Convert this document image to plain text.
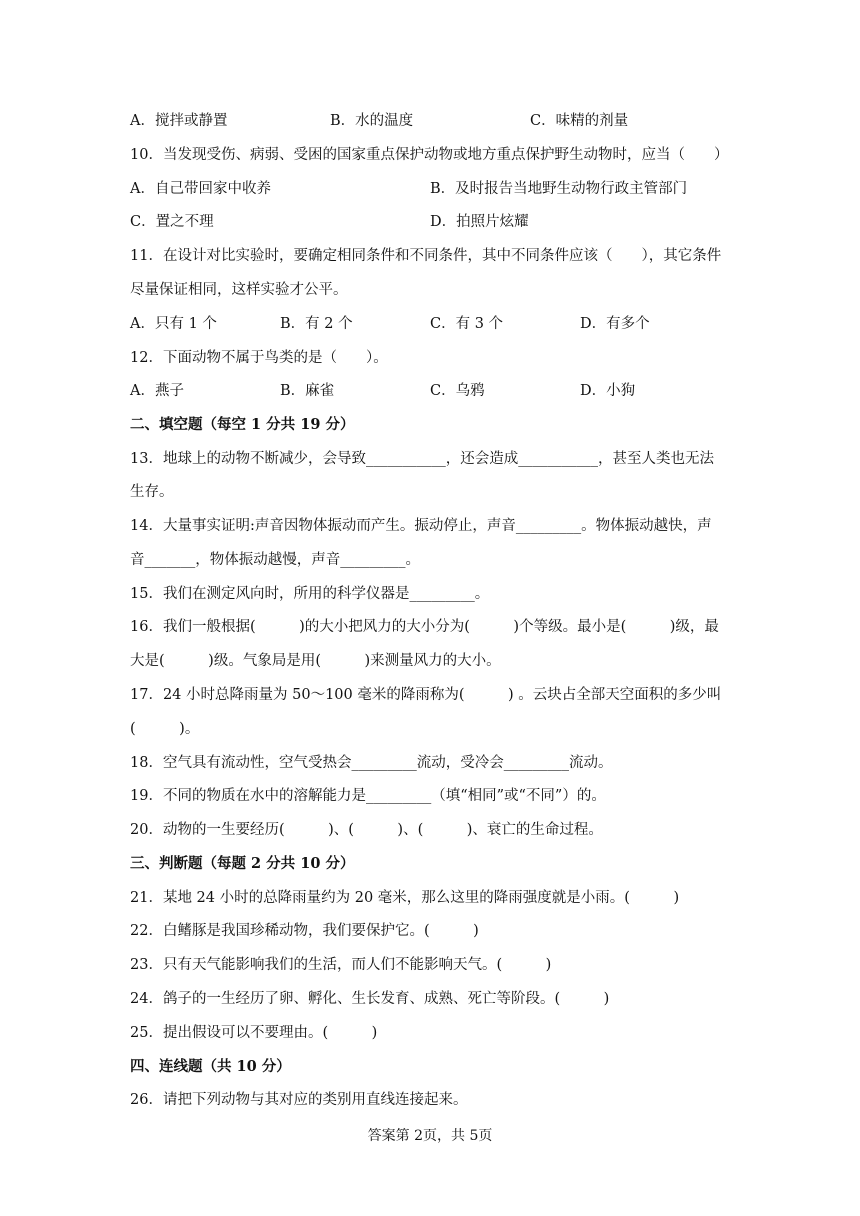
A．搅拌或静置	B．水的温度	C．味精的剂量
10．当发现受伤、病弱、受困的国家重点保护动物或地方重点保护野生动物时，应当（　　）
A．自己带回家中收养	B．及时报告当地野生动物行政主管部门
C．置之不理	D．拍照片炫耀
11．在设计对比实验时，要确定相同条件和不同条件，其中不同条件应该（　　），其它条件
尽量保证相同，这样实验才公平。
A．只有 1 个	B．有 2 个	C．有 3 个	D．有多个
12．下面动物不属于鸟类的是（　　）。
A．燕子	B．麻雀	C．乌鸦	D．小狗
二、填空题（每空 1 分共 19 分）
13．地球上的动物不断减少，会导致___________，还会造成___________，甚至人类也无法
生存。
14．大量事实证明:声音因物体振动而产生。振动停止，声音_________。物体振动越快，声
音_______，物体振动越慢，声音_________。
15．我们在测定风向时，所用的科学仪器是_________。
16．我们一般根据(　　　)的大小把风力的大小分为(　　　)个等级。最小是(　　　)级，最
大是(　　　)级。气象局是用(　　　)来测量风力的大小。
17．24 小时总降雨量为 50～100 毫米的降雨称为(　　　) 。云块占全部天空面积的多少叫
(　　　)。
18．空气具有流动性，空气受热会_________流动，受冷会_________流动。
19．不同的物质在水中的溶解能力是_________（填“相同”或“不同”）的。
20．动物的一生要经历(　　　)、(　　　)、(　　　)、衰亡的生命过程。
三、判断题（每题 2 分共 10 分）
21．某地 24 小时的总降雨量约为 20 毫米，那么这里的降雨强度就是小雨。(　　　)
22．白鳍豚是我国珍稀动物，我们要保护它。(　　　)
23．只有天气能影响我们的生活，而人们不能影响天气。(　　　)
24．鸽子的一生经历了卵、孵化、生长发育、成熟、死亡等阶段。(　　　)
25．提出假设可以不要理由。(　　　)
四、连线题（共 10 分）
26．请把下列动物与其对应的类别用直线连接起来。
答案第 2页，共 5页
